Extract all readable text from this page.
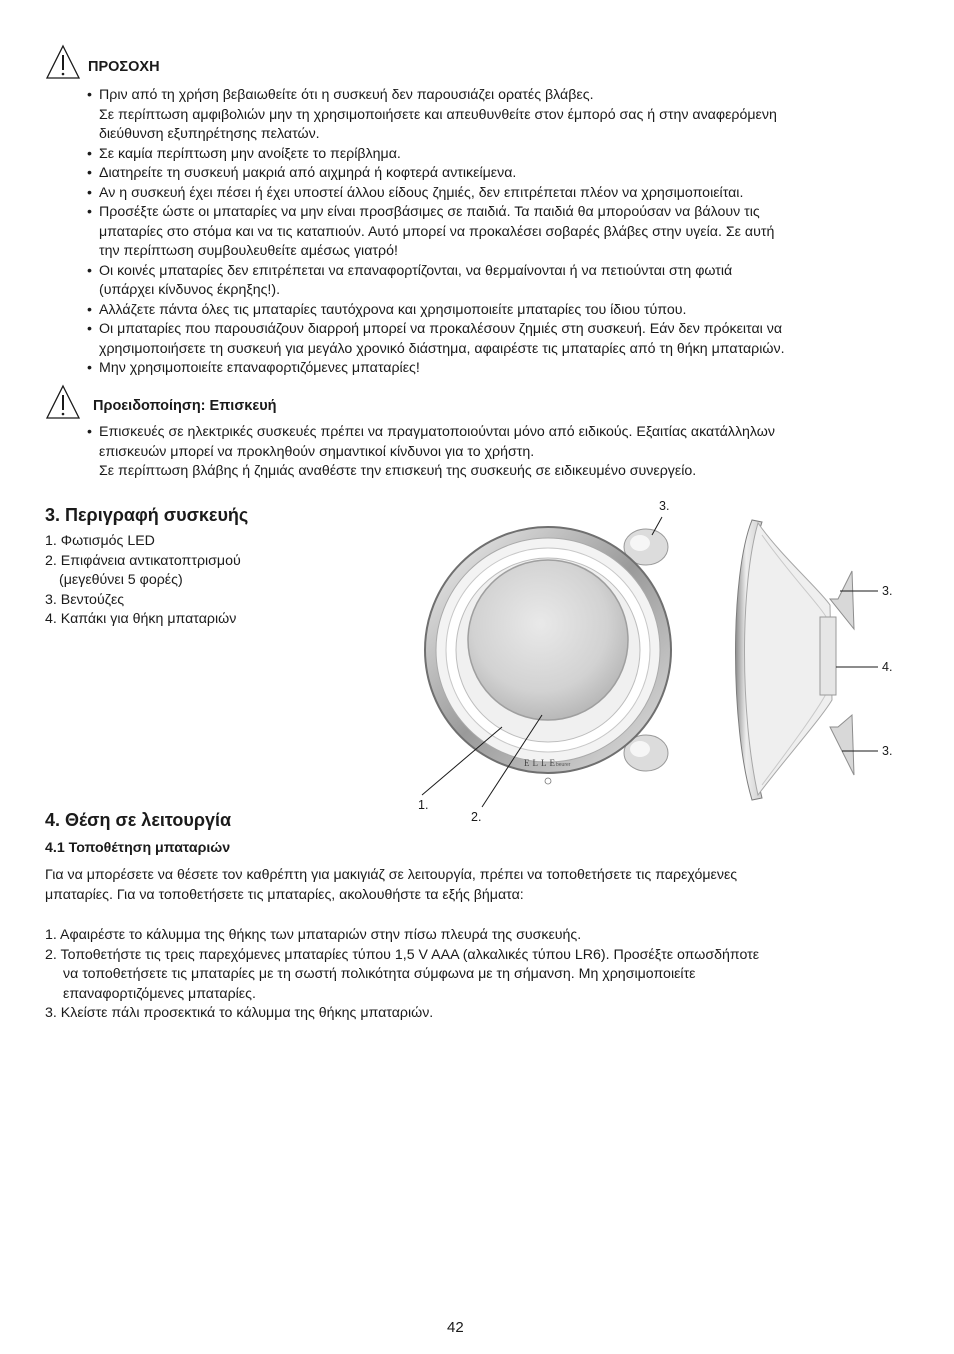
ΠΡΟΣΟΧΗ
• Πριν από τη χρήση βεβαιωθείτε ότι η συσκευή δεν παρουσιάζει ορατές βλάβες.
Σε περίπτωση αμφιβολιών μην τη χρησιμοποιήσετε και απευθυνθείτε στον έμπορό σας ή στην αναφερόμενη
διεύθυνση εξυπηρέτησης πελατών.
• Σε καμία περίπτωση μην ανοίξετε το περίβλημα.
• Διατηρείτε τη συσκευή μακριά από αιχμηρά ή κοφτερά αντικείμενα.
• Αν η συσκευή έχει πέσει ή έχει υποστεί άλλου είδους ζημιές, δεν επιτρέπεται πλέον να χρησιμοποιείται.
• Προσέξτε ώστε οι μπαταρίες να μην είναι προσβάσιμες σε παιδιά. Τα παιδιά θα μπορούσαν να βάλουν τις
μπαταρίες στο στόμα και να τις καταπιούν. Αυτό μπορεί να προκαλέσει σοβαρές βλάβες στην υγεία. Σε αυτή
την περίπτωση συμβουλευθείτε αμέσως γιατρό!
• Οι κοινές μπαταρίες δεν επιτρέπεται να επαναφορτίζονται, να θερμαίνονται ή να πετιούνται στη φωτιά
(υπάρχει κίνδυνος έκρηξης!).
• Αλλάζετε πάντα όλες τις μπαταρίες ταυτόχρονα και χρησιμοποιείτε μπαταρίες του ίδιου τύπου.
• Οι μπαταρίες που παρουσιάζουν διαρροή μπορεί να προκαλέσουν ζημιές στη συσκευή. Εάν δεν πρόκειται να
χρησιμοποιήσετε τη συσκευή για μεγάλο χρονικό διάστημα, αφαιρέστε τις μπαταρίες από τη θήκη μπαταριών.
• Μην χρησιμοποιείτε επαναφορτιζόμενες μπαταρίες!
Προειδοποίηση: Επισκευή
• Επισκευές σε ηλεκτρικές συσκευές πρέπει να πραγματοποιούνται μόνο από ειδικούς. Εξαιτίας ακατάλληλων
επισκευών μπορεί να προκληθούν σημαντικοί κίνδυνοι για το χρήστη.
Σε περίπτωση βλάβης ή ζημιάς αναθέστε την επισκευή της συσκευής σε ειδικευμένο συνεργείο.
3. Περιγραφή συσκευής
1. Φωτισμός LED
2. Επιφάνεια αντικατοπτρισμού
(μεγεθύνει 5 φορές)
3. Βεντούζες
4. Καπάκι για θήκη μπαταριών
ELLE
beurer
1.
2.
3.
3.
4.
3.
4. Θέση σε λειτουργία
4.1 Τοποθέτηση μπαταριών
Για να μπορέσετε να θέσετε τον καθρέπτη για μακιγιάζ σε λειτουργία, πρέπει να τοποθετήσετε τις παρεχόμενες
μπαταρίες. Για να τοποθετήσετε τις μπαταρίες, ακολουθήστε τα εξής βήματα:
1. Αφαιρέστε το κάλυμμα της θήκης των μπαταριών στην πίσω πλευρά της συσκευής.
2. Τοποθετήστε τις τρεις παρεχόμενες μπαταρίες τύπου 1,5 V AAA (αλκαλικές τύπου LR6). Προσέξτε οπωσδήποτε
να τοποθετήσετε τις μπαταρίες με τη σωστή πολικότητα σύμφωνα με τη σήμανση. Μη χρησιμοποιείτε
επαναφορτιζόμενες μπαταρίες.
3. Κλείστε πάλι προσεκτικά το κάλυμμα της θήκης μπαταριών.
42
